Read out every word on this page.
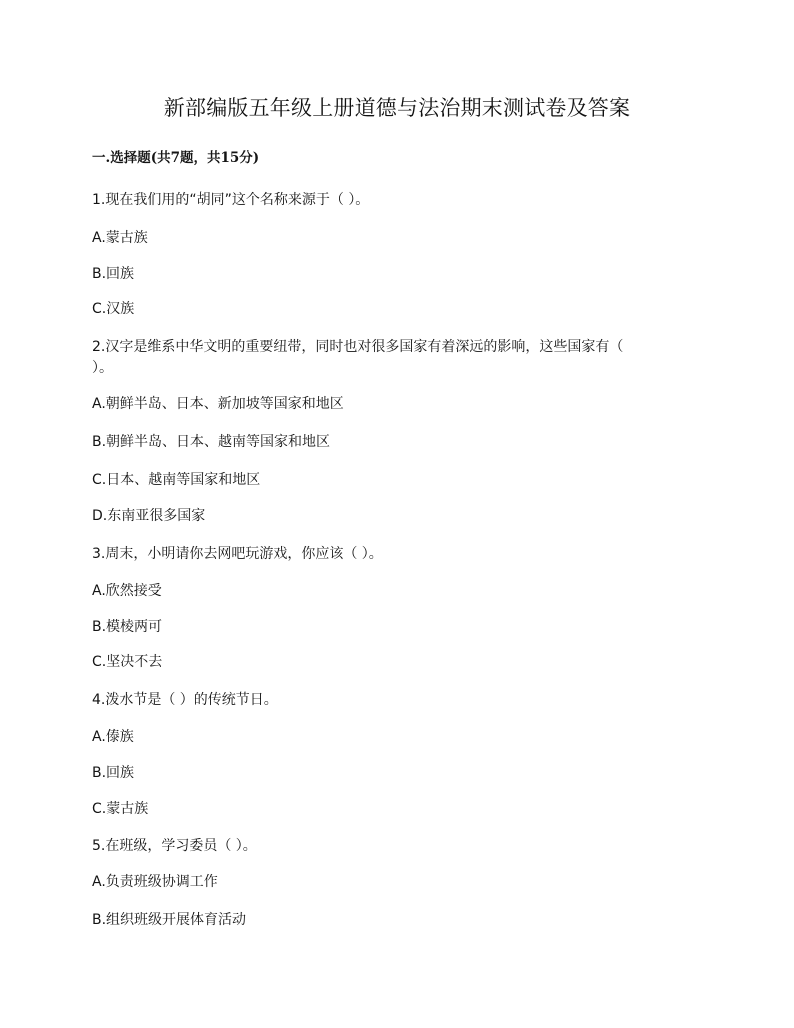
新部编版五年级上册道德与法治期末测试卷及答案
一.选择题(共7题，共15分)
1.现在我们用的“胡同”这个名称来源于（ ）。
A.蒙古族
B.回族
C.汉族
2.汉字是维系中华文明的重要纽带，同时也对很多国家有着深远的影响，这些国家有（
）。
A.朝鲜半岛、日本、新加坡等国家和地区
B.朝鲜半岛、日本、越南等国家和地区
C.日本、越南等国家和地区
D.东南亚很多国家
3.周末，小明请你去网吧玩游戏，你应该（ ）。
A.欣然接受
B.模棱两可
C.坚决不去
4.泼水节是（ ）的传统节日。
A.傣族
B.回族
C.蒙古族
5.在班级，学习委员（ ）。
A.负责班级协调工作
B.组织班级开展体育活动
